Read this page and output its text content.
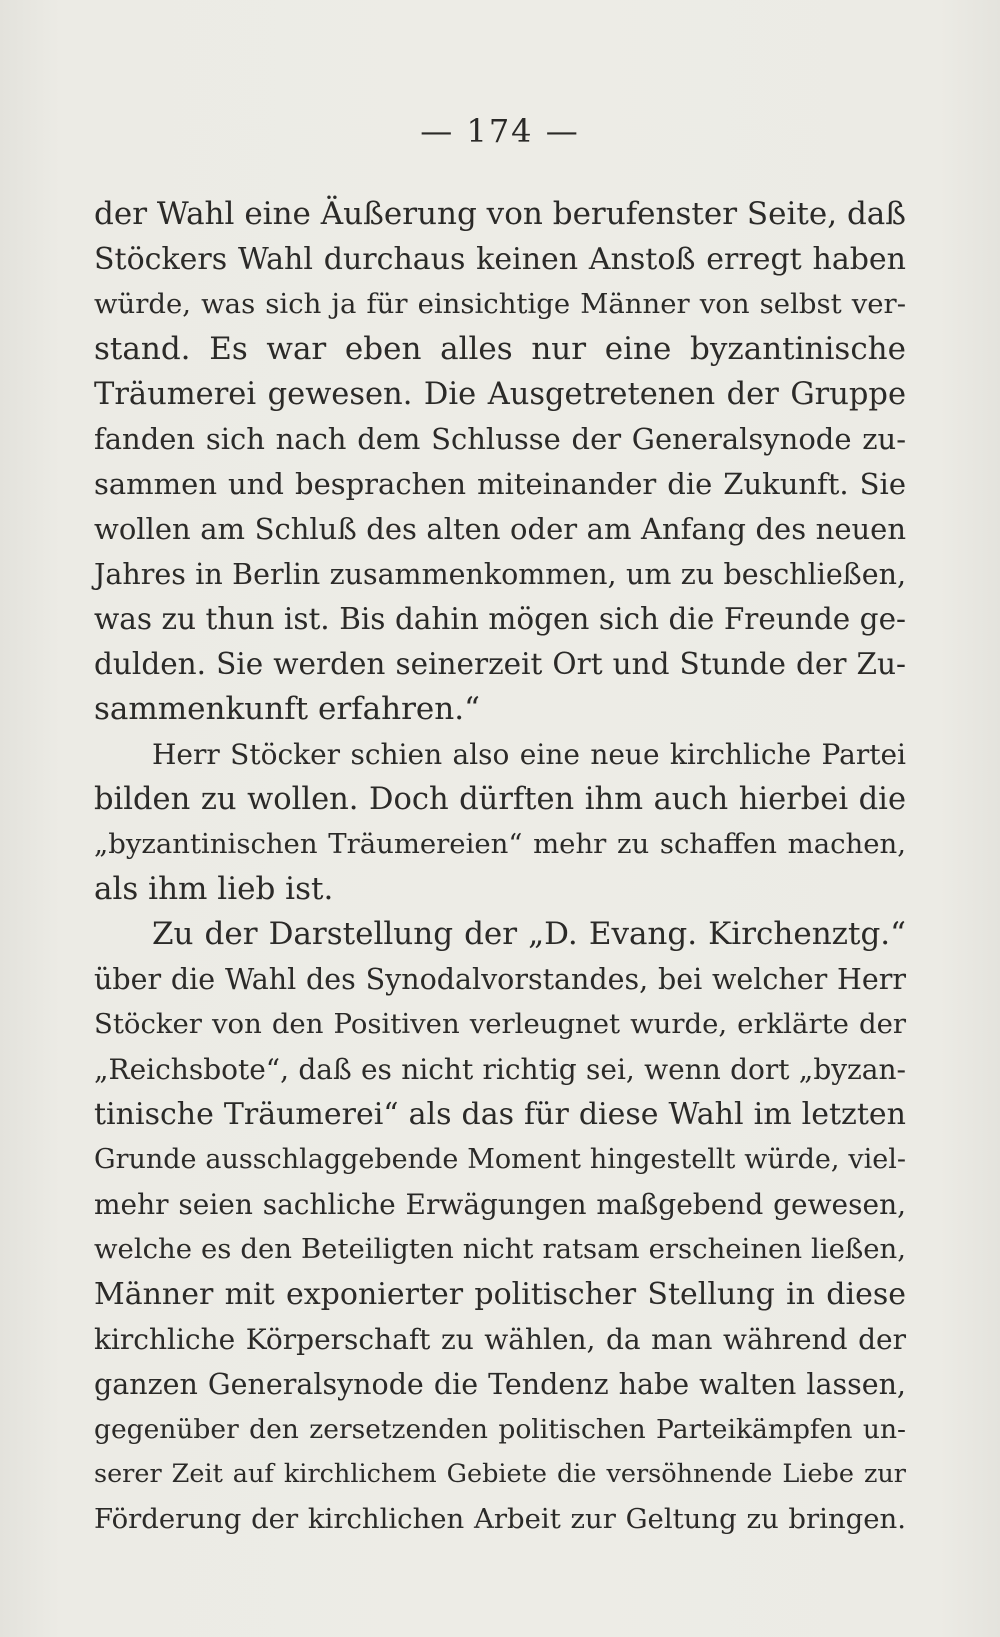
— 174 —
der Wahl eine Äußerung von berufenster Seite, daß
Stöckers Wahl durchaus keinen Anstoß erregt haben
würde, was sich ja für einsichtige Männer von selbst ver-
stand. Es war eben alles nur eine byzantinische
Träumerei gewesen. Die Ausgetretenen der Gruppe
fanden sich nach dem Schlusse der Generalsynode zu-
sammen und besprachen miteinander die Zukunft. Sie
wollen am Schluß des alten oder am Anfang des neuen
Jahres in Berlin zusammenkommen, um zu beschließen,
was zu thun ist. Bis dahin mögen sich die Freunde ge-
dulden. Sie werden seinerzeit Ort und Stunde der Zu-
sammenkunft erfahren.“
Herr Stöcker schien also eine neue kirchliche Partei
bilden zu wollen. Doch dürften ihm auch hierbei die
„byzantinischen Träumereien“ mehr zu schaffen machen,
als ihm lieb ist.
Zu der Darstellung der „D. Evang. Kirchenztg.“
über die Wahl des Synodalvorstandes, bei welcher Herr
Stöcker von den Positiven verleugnet wurde, erklärte der
„Reichsbote“, daß es nicht richtig sei, wenn dort „byzan-
tinische Träumerei“ als das für diese Wahl im letzten
Grunde ausschlaggebende Moment hingestellt würde, viel-
mehr seien sachliche Erwägungen maßgebend gewesen,
welche es den Beteiligten nicht ratsam erscheinen ließen,
Männer mit exponierter politischer Stellung in diese
kirchliche Körperschaft zu wählen, da man während der
ganzen Generalsynode die Tendenz habe walten lassen,
gegenüber den zersetzenden politischen Parteikämpfen un-
serer Zeit auf kirchlichem Gebiete die versöhnende Liebe zur
Förderung der kirchlichen Arbeit zur Geltung zu bringen.
